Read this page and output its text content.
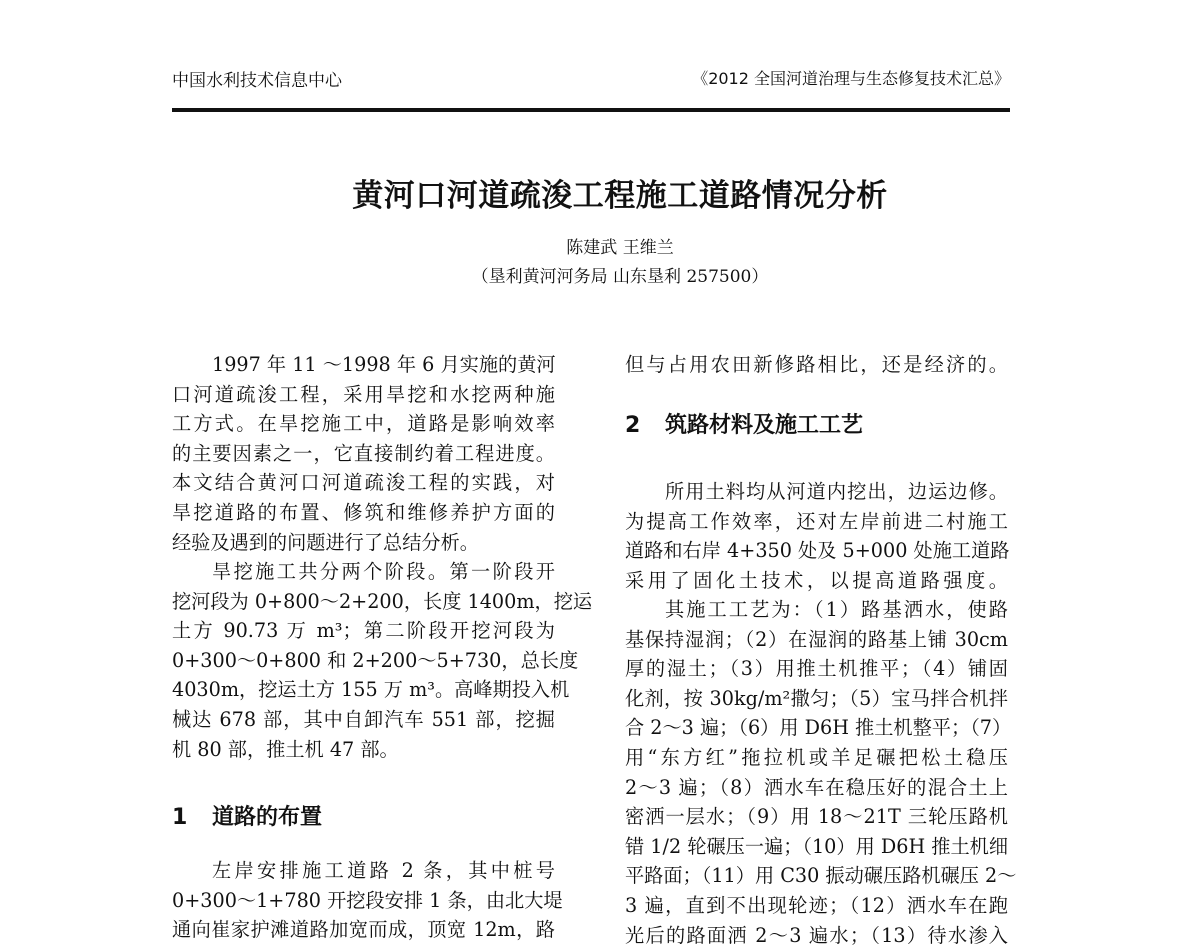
中国水利技术信息中心	《2012 全国河道治理与生态修复技术汇总》
黄河口河道疏浚工程施工道路情况分析
陈建武 王维兰
（垦利黄河河务局 山东垦利 257500）
1997 年 11 ～1998 年 6 月实施的黄河
口河道疏浚工程，采用旱挖和水挖两种施
工方式。在旱挖施工中，道路是影响效率
的主要因素之一，它直接制约着工程进度。
本文结合黄河口河道疏浚工程的实践，对
旱挖道路的布置、修筑和维修养护方面的
经验及遇到的问题进行了总结分析。
旱挖施工共分两个阶段。第一阶段开
挖河段为 0+800～2+200，长度 1400m，挖运
土方 90.73 万 m³；第二阶段开挖河段为
0+300～0+800 和 2+200～5+730，总长度
4030m，挖运土方 155 万 m³。高峰期投入机
械达 678 部，其中自卸汽车 551 部，挖掘
机 80 部，推土机 47 部。
1 道路的布置
左岸安排施工道路 2 条，其中桩号
0+300～1+780 开挖段安排 1 条，由北大堤
通向崔家护滩道路加宽而成，顶宽 12m，路
但与占用农田新修路相比，还是经济的。
2 筑路材料及施工工艺
所用土料均从河道内挖出，边运边修。
为提高工作效率，还对左岸前进二村施工
道路和右岸 4+350 处及 5+000 处施工道路
采用了固化土技术，以提高道路强度。
其施工工艺为：（1）路基洒水，使路
基保持湿润；（2）在湿润的路基上铺 30cm
厚的湿土；（3）用推土机推平；（4）铺固
化剂，按 30kg/m²撒匀；（5）宝马拌合机拌
合 2～3 遍；（6）用 D6H 推土机整平；（7）
用“东方红”拖拉机或羊足碾把松土稳压
2～3 遍；（8）洒水车在稳压好的混合土上
密洒一层水；（9）用 18～21T 三轮压路机
错 1/2 轮碾压一遍；（10）用 D6H 推土机细
平路面；（11）用 C30 振动碾压路机碾压 2～
3 遍，直到不出现轮迹；（12）洒水车在跑
光后的路面洒 2～3 遍水；（13）待水渗入
